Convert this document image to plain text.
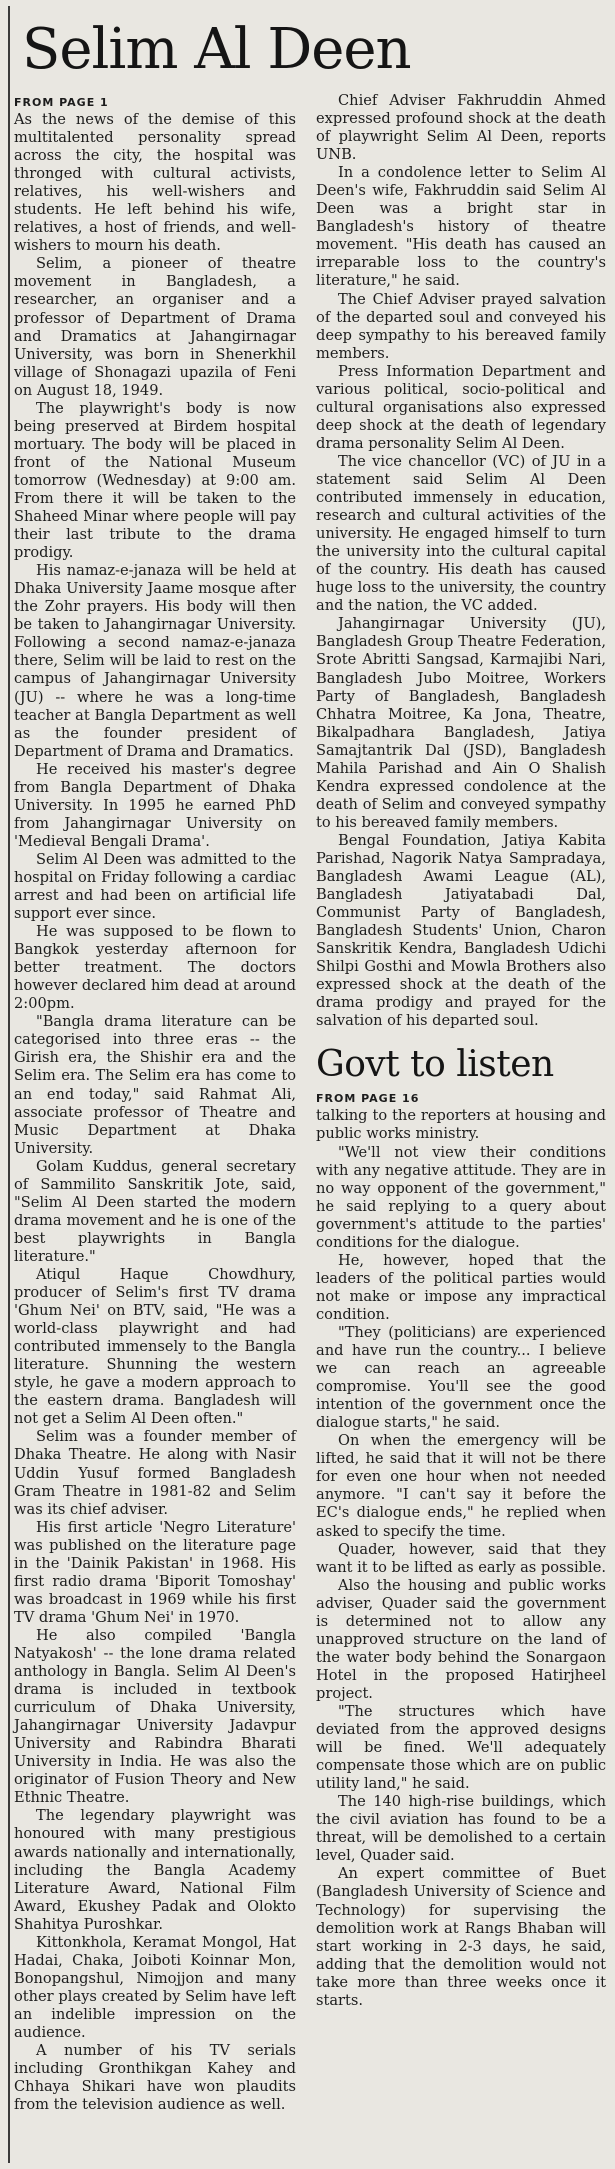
Selim Al Deen
FROM PAGE 1

As the news of the demise of this multitalented personality spread across the city, the hospital was thronged with cultural activists, relatives, his well-wishers and students. He left behind his wife, relatives, a host of friends, and well-wishers to mourn his death.

Selim, a pioneer of theatre movement in Bangladesh, a researcher, an organiser and a professor of Department of Drama and Dramatics at Jahangirnagar University, was born in Shenerkhil village of Shonagazi upazila of Feni on August 18, 1949.

The playwright's body is now being preserved at Birdem hospital mortuary. The body will be placed in front of the National Museum tomorrow (Wednesday) at 9:00 am. From there it will be taken to the Shaheed Minar where people will pay their last tribute to the drama prodigy.

His namaz-e-janaza will be held at Dhaka University Jaame mosque after the Zohr prayers. His body will then be taken to Jahangirnagar University. Following a second namaz-e-janaza there, Selim will be laid to rest on the campus of Jahangirnagar University (JU) -- where he was a long-time teacher at Bangla Department as well as the founder president of Department of Drama and Dramatics.

He received his master's degree from Bangla Department of Dhaka University. In 1995 he earned PhD from Jahangirnagar University on 'Medieval Bengali Drama'.

Selim Al Deen was admitted to the hospital on Friday following a cardiac arrest and had been on artificial life support ever since.

He was supposed to be flown to Bangkok yesterday afternoon for better treatment. The doctors however declared him dead at around 2:00pm.

"Bangla drama literature can be categorised into three eras -- the Girish era, the Shishir era and the Selim era. The Selim era has come to an end today," said Rahmat Ali, associate professor of Theatre and Music Department at Dhaka University.

Golam Kuddus, general secretary of Sammilito Sanskritik Jote, said, "Selim Al Deen started the modern drama movement and he is one of the best playwrights in Bangla literature."

Atiqul Haque Chowdhury, producer of Selim's first TV drama 'Ghum Nei' on BTV, said, "He was a world-class playwright and had contributed immensely to the Bangla literature. Shunning the western style, he gave a modern approach to the eastern drama. Bangladesh will not get a Selim Al Deen often."

Selim was a founder member of Dhaka Theatre. He along with Nasir Uddin Yusuf formed Bangladesh Gram Theatre in 1981-82 and Selim was its chief adviser.

His first article 'Negro Literature' was published on the literature page in the 'Dainik Pakistan' in 1968. His first radio drama 'Biporit Tomoshay' was broadcast in 1969 while his first TV drama 'Ghum Nei' in 1970.

He also compiled 'Bangla Natyakosh' -- the lone drama related anthology in Bangla. Selim Al Deen's drama is included in textbook curriculum of Dhaka University, Jahangirnagar University Jadavpur University and Rabindra Bharati University in India. He was also the originator of Fusion Theory and New Ethnic Theatre.

The legendary playwright was honoured with many prestigious awards nationally and internationally, including the Bangla Academy Literature Award, National Film Award, Ekushey Padak and Olokto Shahitya Puroshkar.

Kittonkhola, Keramat Mongol, Hat Hadai, Chaka, Joiboti Koinnar Mon, Bonopangshul, Nimojjon and many other plays created by Selim have left an indelible impression on the audience.

A number of his TV serials including Gronthikgan Kahey and Chhaya Shikari have won plaudits from the television audience as well.

Chief Adviser Fakhruddin Ahmed expressed profound shock at the death of playwright Selim Al Deen, reports UNB.

In a condolence letter to Selim Al Deen's wife, Fakhruddin said Selim Al Deen was a bright star in Bangladesh's history of theatre movement. "His death has caused an irreparable loss to the country's literature," he said.

The Chief Adviser prayed salvation of the departed soul and conveyed his deep sympathy to his bereaved family members.

Press Information Department and various political, socio-political and cultural organisations also expressed deep shock at the death of legendary drama personality Selim Al Deen.

The vice chancellor (VC) of JU in a statement said Selim Al Deen contributed immensely in education, research and cultural activities of the university. He engaged himself to turn the university into the cultural capital of the country. His death has caused huge loss to the university, the country and the nation, the VC added.

Jahangirnagar University (JU), Bangladesh Group Theatre Federation, Srote Abritti Sangsad, Karmajibi Nari, Bangladesh Jubo Moitree, Workers Party of Bangladesh, Bangladesh Chhatra Moitree, Ka Jona, Theatre, Bikalpadhara Bangladesh, Jatiya Samajtantrik Dal (JSD), Bangladesh Mahila Parishad and Ain O Shalish Kendra expressed condolence at the death of Selim and conveyed sympathy to his bereaved family members.

Bengal Foundation, Jatiya Kabita Parishad, Nagorik Natya Sampradaya, Bangladesh Awami League (AL), Bangladesh Jatiyatabadi Dal, Communist Party of Bangladesh, Bangladesh Students' Union, Charon Sanskritik Kendra, Bangladesh Udichi Shilpi Gosthi and Mowla Brothers also expressed shock at the death of the drama prodigy and prayed for the salvation of his departed soul.

Govt to listen
FROM PAGE 16

talking to the reporters at housing and public works ministry.

"We'll not view their conditions with any negative attitude. They are in no way opponent of the government," he said replying to a query about government's attitude to the parties' conditions for the dialogue.

He, however, hoped that the leaders of the political parties would not make or impose any impractical condition.

"They (politicians) are experienced and have run the country... I believe we can reach an agreeable compromise. You'll see the good intention of the government once the dialogue starts," he said.

On when the emergency will be lifted, he said that it will not be there for even one hour when not needed anymore. "I can't say it before the EC's dialogue ends," he replied when asked to specify the time.

Quader, however, said that they want it to be lifted as early as possible.

Also the housing and public works adviser, Quader said the government is determined not to allow any unapproved structure on the land of the water body behind the Sonargaon Hotel in the proposed Hatirjheel project.

"The structures which have deviated from the approved designs will be fined. We'll adequately compensate those which are on public utility land," he said.

The 140 high-rise buildings, which the civil aviation has found to be a threat, will be demolished to a certain level, Quader said.

An expert committee of Buet (Bangladesh University of Science and Technology) for supervising the demolition work at Rangs Bhaban will start working in 2-3 days, he said, adding that the demolition would not take more than three weeks once it starts.
